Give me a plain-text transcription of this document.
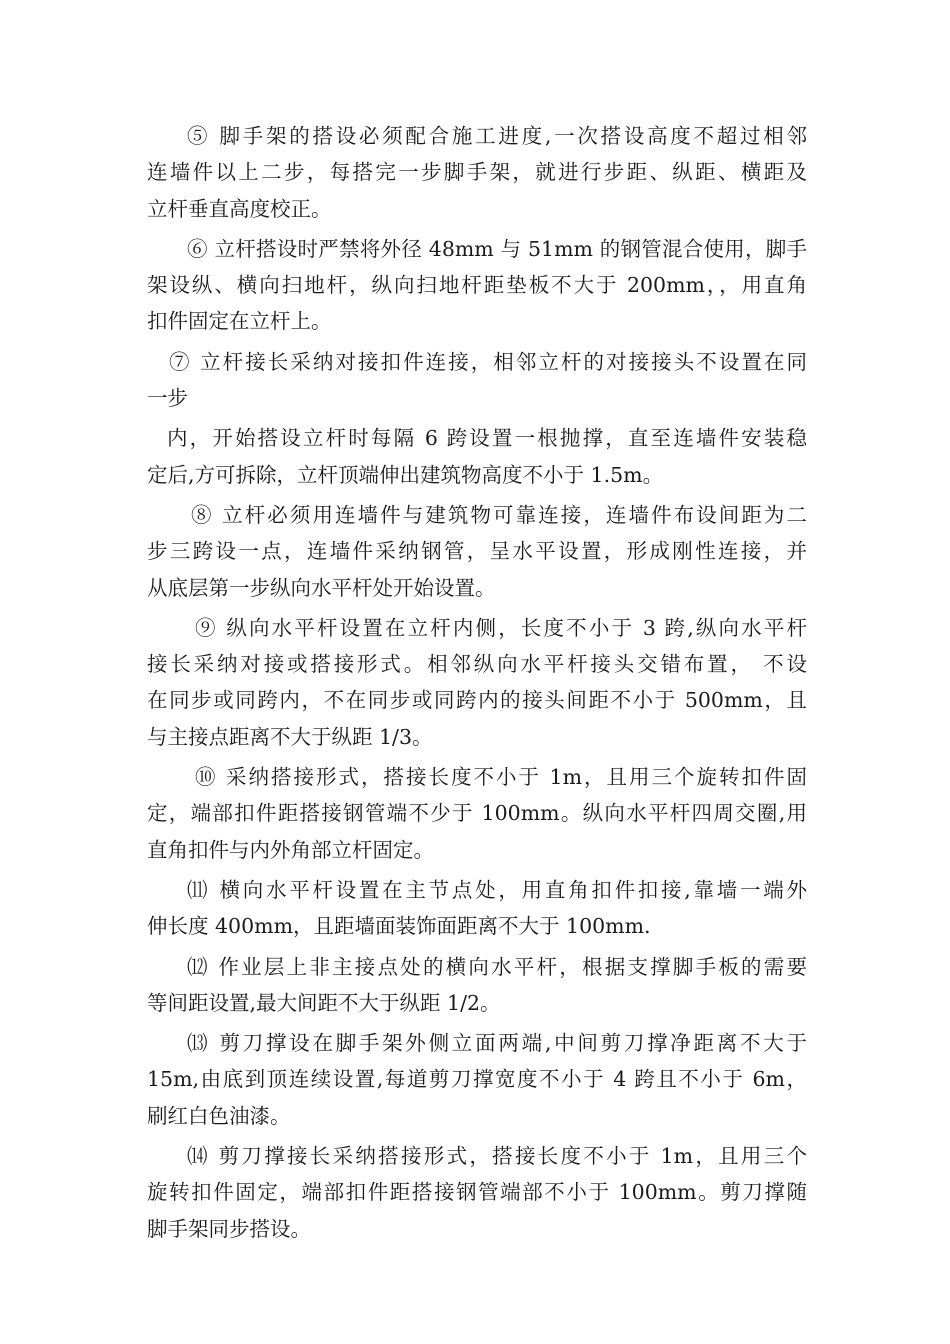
⑤ 脚手架的搭设必须配合施工进度,一次搭设高度不超过相邻
连墙件以上二步，每搭完一步脚手架，就进行步距、纵距、横距及
立杆垂直高度校正。
⑥ 立杆搭设时严禁将外径 48mm 与 51mm 的钢管混合使用，脚手
架设纵、横向扫地杆，纵向扫地杆距垫板不大于 200mm，，用直角
扣件固定在立杆上。
⑦ 立杆接长采纳对接扣件连接，相邻立杆的对接接头不设置在同
一步
内，开始搭设立杆时每隔 6 跨设置一根抛撑，直至连墙件安装稳
定后,方可拆除，立杆顶端伸出建筑物高度不小于 1.5m。
⑧ 立杆必须用连墙件与建筑物可靠连接，连墙件布设间距为二
步三跨设一点，连墙件采纳钢管，呈水平设置，形成刚性连接，并
从底层第一步纵向水平杆处开始设置。
⑨ 纵向水平杆设置在立杆内侧，长度不小于 3 跨,纵向水平杆
接长采纳对接或搭接形式。相邻纵向水平杆接头交错布置， 不设
在同步或同跨内，不在同步或同跨内的接头间距不小于 500mm，且
与主接点距离不大于纵距 1/3。
⑩ 采纳搭接形式，搭接长度不小于 1m，且用三个旋转扣件固
定，端部扣件距搭接钢管端不少于 100mm。纵向水平杆四周交圈,用
直角扣件与内外角部立杆固定。
⑾ 横向水平杆设置在主节点处，用直角扣件扣接,靠墙一端外
伸长度 400mm，且距墙面装饰面距离不大于 100mm.
⑿ 作业层上非主接点处的横向水平杆，根据支撑脚手板的需要
等间距设置,最大间距不大于纵距 1/2。
⒀ 剪刀撑设在脚手架外侧立面两端,中间剪刀撑净距离不大于
15m,由底到顶连续设置,每道剪刀撑宽度不小于 4 跨且不小于 6m，
刷红白色油漆。
⒁ 剪刀撑接长采纳搭接形式，搭接长度不小于 1m，且用三个
旋转扣件固定，端部扣件距搭接钢管端部不小于 100mm。剪刀撑随
脚手架同步搭设。
